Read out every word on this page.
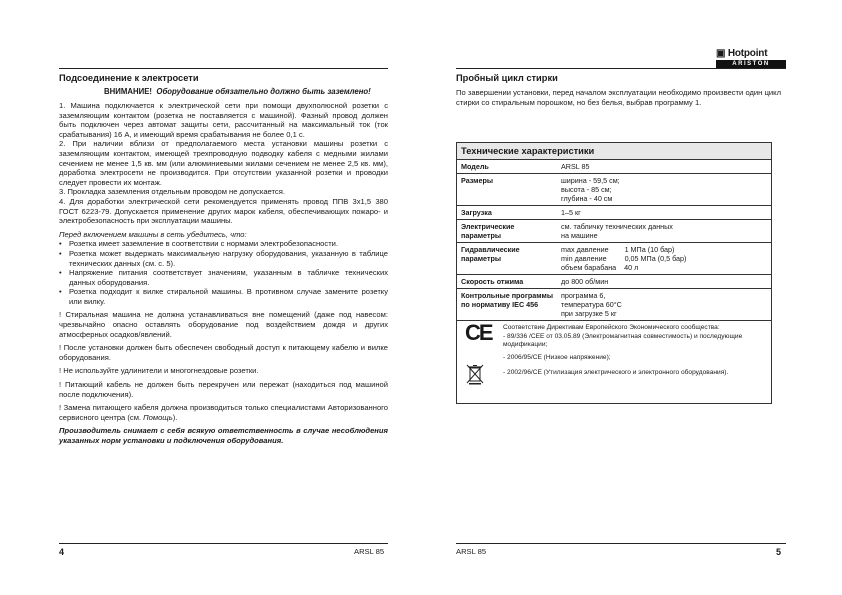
▣ Hotpoint
ARISTON
Подсоединение к электросети
ВНИМАНИЕ! Оборудование обязательно должно быть заземлено!
1. Машина подключается к электрической сети при помощи двухполюсной розетки с заземляющим контактом (розетка не поставляется с машиной). Фазный провод должен быть подключен через автомат защиты сети, рассчитанный на максимальный ток (ток срабатывания) 16 А, и имеющий время срабатывания не более 0,1 с.
2. При наличии вблизи от предполагаемого места установки машины розетки с заземляющим контактом, имеющей трехпроводную подводку кабеля с медными жилами сечением не менее 1,5 кв. мм (или алюминиевыми жилами сечением не менее 2,5 кв. мм), доработка электросети не производится. При отсутствии указанной розетки и проводки следует провести их монтаж.
3. Прокладка заземления отдельным проводом не допускается.
4. Для доработки электрической сети рекомендуется применять провод ППВ 3х1,5 380 ГОСТ 6223-79. Допускается применение других марок кабеля, обеспечивающих пожаро- и электробезопасность при эксплуатации машины.
Перед включением машины в сеть убедитесь, что:
• Розетка имеет заземление в соответствии с нормами электробезопасности.
• Розетка может выдержать максимальную нагрузку оборудования, указанную в таблице технических данных (см. с. 5).
• Напряжение питания соответствует значениям, указанным в табличке технических данных оборудования.
• Розетка подходит к вилке стиральной машины. В противном случае замените розетку или вилку.
! Стиральная машина не должна устанавливаться вне помещений (даже под навесом: чрезвычайно опасно оставлять оборудование под воздействием дождя и других атмосферных осадков/явлений.
! После установки должен быть обеспечен свободный доступ к питающему кабелю и вилке оборудования.
! Не используйте удлинители и многогнездовые розетки.
! Питающий кабель не должен быть перекручен или пережат (находиться под машиной после подключения).
! Замена питающего кабеля должна производиться только специалистами Авторизованного сервисного центра (см. Помощь).
Производитель снимает с себя всякую ответственность в случае несоблюдения указанных норм установки и подключения оборудования.
4	ARSL 85
Пробный цикл стирки
По завершении установки, перед началом эксплуатации необходимо произвести один цикл стирки со стиральным порошком, но без белья, выбрав программу 1.
Технические характеристики
Модель	ARSL 85
Размеры	ширина - 59,5 см;
высота - 85 см;
глубина - 40 см
Загрузка	1–5 кг
Электрические параметры	см. табличку технических данных
на машине
Гидравлические параметры	max давление        1 МПа (10 бар)
min давление         0,05 МПа (0,5 бар)
объем барабана    40 л
Скорость отжима	до 800 об/мин
Контрольные программы по нормативу IEC 456	программа 6,
температура 60°С
при загрузке 5 кг
CE Соответствие Директивам Европейского Экономического сообщества:
- 89/336 /CEE от 03.05.89 (Электромагнитная совместимость) и последующие модификации;
- 2006/95/CE (Низкое напряжение);
- 2002/96/CE (Утилизация электрического и электронного оборудования).
ARSL 85	5
